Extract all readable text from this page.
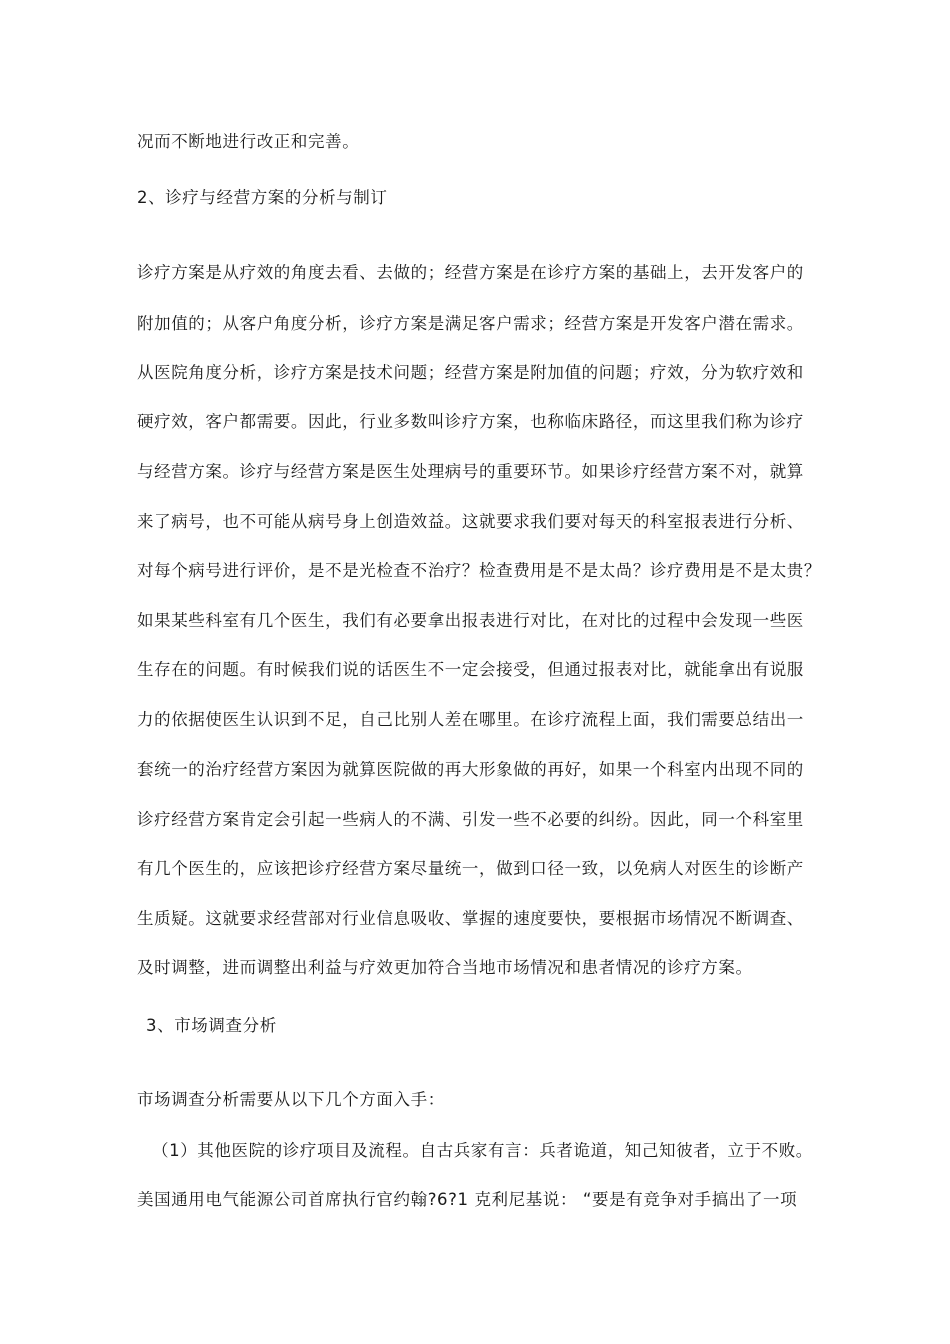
况而不断地进行改正和完善。
2、诊疗与经营方案的分析与制订
诊疗方案是从疗效的角度去看、去做的；经营方案是在诊疗方案的基础上，去开发客户的
附加值的；从客户角度分析，诊疗方案是满足客户需求；经营方案是开发客户潜在需求。
从医院角度分析，诊疗方案是技术问题；经营方案是附加值的问题；疗效，分为软疗效和
硬疗效，客户都需要。因此，行业多数叫诊疗方案，也称临床路径，而这里我们称为诊疗
与经营方案。诊疗与经营方案是医生处理病号的重要环节。如果诊疗经营方案不对，就算
来了病号，也不可能从病号身上创造效益。这就要求我们要对每天的科室报表进行分析、
对每个病号进行评价，是不是光检查不治疗？检查费用是不是太咼？诊疗费用是不是太贵？
如果某些科室有几个医生，我们有必要拿出报表进行对比，在对比的过程中会发现一些医
生存在的问题。有时候我们说的话医生不一定会接受，但通过报表对比，就能拿出有说服
力的依据使医生认识到不足，自己比别人差在哪里。在诊疗流程上面，我们需要总结出一
套统一的治疗经营方案因为就算医院做的再大形象做的再好，如果一个科室内出现不同的
诊疗经营方案肯定会引起一些病人的不满、引发一些不必要的纠纷。因此，同一个科室里
有几个医生的，应该把诊疗经营方案尽量统一，做到口径一致，以免病人对医生的诊断产
生质疑。这就要求经营部对行业信息吸收、掌握的速度要快，要根据市场情况不断调查、
及时调整，进而调整出利益与疗效更加符合当地市场情况和患者情况的诊疗方案。
3、市场调查分析
市场调查分析需要从以下几个方面入手：
（1）其他医院的诊疗项目及流程。自古兵家有言：兵者诡道，知己知彼者，立于不败。
美国通用电气能源公司首席执行官约翰?6?1 克利尼基说： “要是有竞争对手搞出了一项
